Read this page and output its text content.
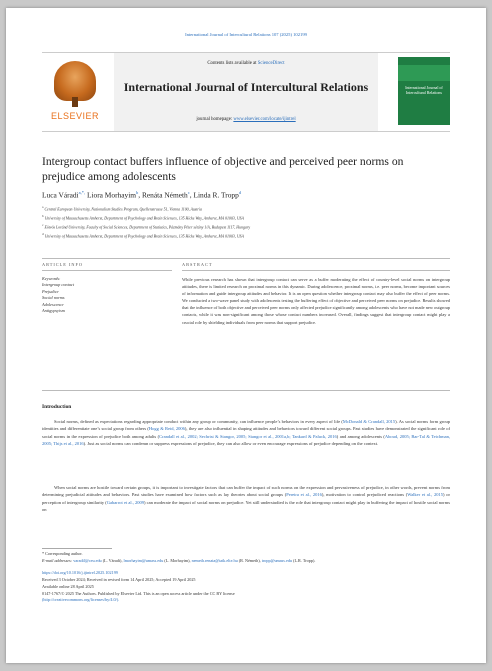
International Journal of Intercultural Relations 107 (2025) 102199
ELSEVIER
Contents lists available at ScienceDirect
International Journal of Intercultural Relations
journal homepage: www.elsevier.com/locate/ijintrel
International Journal of Intercultural Relations
Intergroup contact buffers influence of objective and perceived peer norms on prejudice among adolescents
Luca Váradi$^{a,*,}$ Liora Morhayim$^b$, Renáta Németh$^c$, Linda R. Tropp$^d$
$^a$ Central European University, Nationalism Studies Program, Quellenstrasse 51, Vienna 1100, Austria
$^b$ University of Massachusetts Amherst, Department of Psychology and Brain Sciences, 135 Hicks Way, Amherst, MA 01003, USA
$^c$ Eötvös Loránd University, Faculty of Social Sciences, Department of Statistics, Pázmány Péter sétány 1/A, Budapest 1117, Hungary
$^d$ University of Massachusetts Amherst, Department of Psychology and Brain Sciences, 135 Hicks Way, Amherst, MA 01003, USA
ARTICLE INFO	ABSTRACT
Keywords:
Intergroup contact
Prejudice
Social norms
Adolescence
Antigypsyism
While previous research has shown that intergroup contact can serve as a buffer moderating the effect of country-level social norms on intergroup attitudes, there is limited research on proximal norms in this dynamic. During adolescence, proximal norms, i.e. peer norms, become important sources of information and guide intergroup attitudes and behavior. It is an open question whether intergroup contact may also buffer the effect of peer norms. We conducted a two-wave panel study with adolescents testing the buffering effect of objective and perceived peer norms on prejudice. Results showed that the influence of both objective and perceived peer norms only affected prejudice significantly among adolescents who have not made new outgroup contacts, while it was non-significant among those whose contact numbers increased. Overall, findings suggest that intergroup contact might play a crucial role by shielding individuals from peer norms that support prejudice.
Introduction
Social norms, defined as expectations regarding appropriate conduct within any group or community, can influence people’s behaviors in every aspect of life (McDonald & Crandall, 2015). As social norms form group identities and differentiate one’s social group from others (Hogg & Reid, 2006), they are also influential in shaping attitudes and behaviors toward different social groups. Past studies have demonstrated the significant role of social norms in the expression of prejudice both among adults (Crandall et al., 2002; Sechrist & Stangor, 2005; Stangor et al., 2001a,b; Tankard & Paluck, 2016) and among adolescents (Aboud, 2005; Bar-Tal & Teichman, 2005; Thijs et al., 2016). Just as social norms can condemn or suppress expressions of prejudice, they can also allow or even encourage expressions of prejudice depending on the context.
When social norms are hostile toward certain groups, it is important to investigate factors that can buffer the impact of such norms on the expression and pervasiveness of prejudice, in other words, prevent norms from determining prejudicial attitudes and behaviors. Past studies have examined how factors such as lay theories about social groups (Pereira et al., 2016), motivation to control prejudiced reactions (Walker et al., 2015) or perception of intergroup similarity (Gabarrot et al., 2009) can moderate the impact of social norms on prejudice. Yet still understudied is the role that intergroup contact might play in buffering the impact of hostile social norms on
* Corresponding author.
E-mail addresses: varadil@ceu.edu (L. Váradi), lmorhayim@umass.edu (L. Morhayim), nemeth.renata@tatk.elte.hu (R. Németh), tropp@umass.edu (L.R. Tropp).
https://doi.org/10.1016/j.ijintrel.2025.102199
Received 3 October 2024; Received in revised form 14 April 2025; Accepted 19 April 2025
Available online 28 April 2025
0147-1767/© 2025 The Authors. Published by Elsevier Ltd. This is an open access article under the CC BY license
(http://creativecommons.org/licenses/by/4.0/).
